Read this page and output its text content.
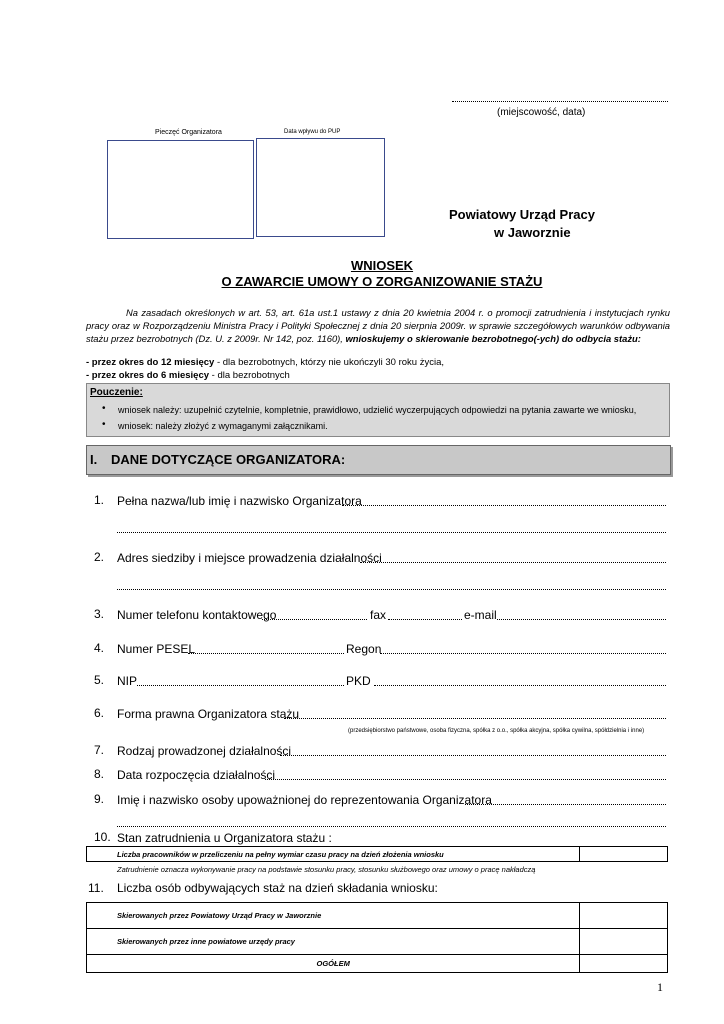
(miejscowość, data)
Pieczęć Organizatora	Data wpływu do PUP
Powiatowy Urząd Pracy
w Jaworznie
WNIOSEK
O ZAWARCIE UMOWY O ZORGANIZOWANIE STAŻU
Na zasadach określonych w art. 53, art. 61a ust.1 ustawy z dnia 20 kwietnia 2004 r. o promocji zatrudnienia i instytucjach rynku pracy oraz w Rozporządzeniu Ministra Pracy i Polityki Społecznej z dnia 20 sierpnia 2009r. w sprawie szczegółowych warunków odbywania stażu przez bezrobotnych (Dz. U. z 2009r. Nr 142, poz. 1160), wnioskujemy o skierowanie bezrobotnego(-ych) do odbycia stażu:
- przez okres do 12 miesięcy - dla bezrobotnych, którzy nie ukończyli 30 roku życia,
- przez okres do 6 miesięcy - dla bezrobotnych
Pouczenie:
• wniosek należy: uzupełnić czytelnie, kompletnie, prawidłowo, udzielić wyczerpujących odpowiedzi na pytania zawarte we wniosku,
• wniosek: należy złożyć z wymaganymi załącznikami.
I. DANE DOTYCZĄCE ORGANIZATORA:
1. Pełna nazwa/lub imię i nazwisko Organizatora
2. Adres siedziby i miejsce prowadzenia działalności
3. Numer telefonu kontaktowego	fax	e-mail
4. Numer PESEL	Regon
5. NIP	PKD
6. Forma prawna Organizatora stażu
(przedsiębiorstwo państwowe, osoba fizyczna, spółka z o.o., spółka akcyjna, spółka cywilna, spółdzielnia i inne)
7. Rodzaj prowadzonej działalności
8. Data rozpoczęcia działalności
9. Imię i nazwisko osoby upoważnionej do reprezentowania Organizatora
10. Stan zatrudnienia u Organizatora stażu :
Liczba pracowników w przeliczeniu na pełny wymiar czasu pracy na dzień złożenia wniosku	
Zatrudnienie oznacza wykonywanie pracy na podstawie stosunku pracy, stosunku służbowego oraz umowy o pracę nakładczą
11. Liczba osób odbywających staż na dzień składania wniosku:
Skierowanych przez Powiatowy Urząd Pracy w Jaworznie	
Skierowanych przez inne powiatowe urzędy pracy	
OGÓŁEM	
1
